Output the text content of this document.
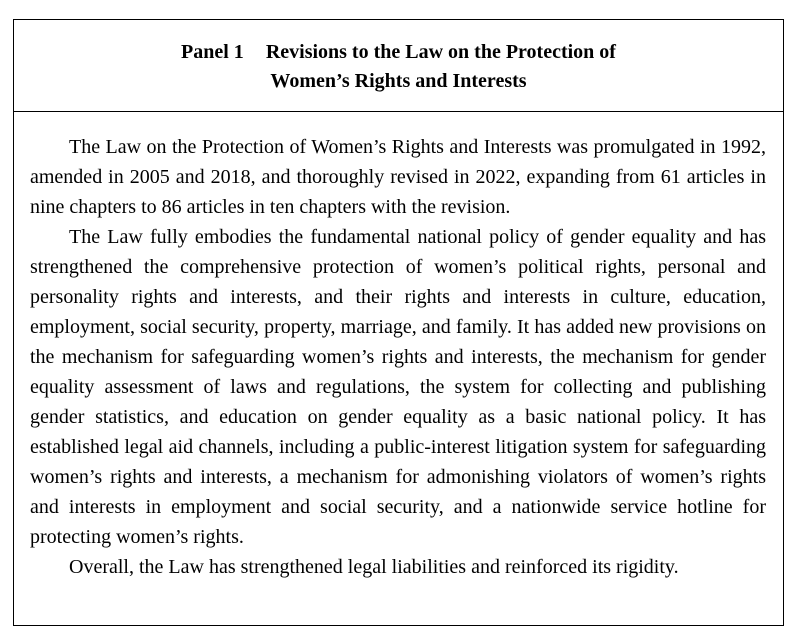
Panel 1 Revisions to the Law on the Protection of
Women’s Rights and Interests

The Law on the Protection of Women’s Rights and Interests was promulgated in 1992, amended in 2005 and 2018, and thoroughly revised in 2022, expanding from 61 articles in nine chapters to 86 articles in ten chapters with the revision.

The Law fully embodies the fundamental national policy of gender equality and has strengthened the comprehensive protection of women’s political rights, personal and personality rights and interests, and their rights and interests in culture, education, employment, social security, property, marriage, and family. It has added new provisions on the mechanism for safeguarding women’s rights and interests, the mechanism for gender equality assessment of laws and regulations, the system for collecting and publishing gender statistics, and education on gender equality as a basic national policy. It has established legal aid channels, including a public-interest litigation system for safeguarding women’s rights and interests, a mechanism for admonishing violators of women’s rights and interests in employment and social security, and a nationwide service hotline for protecting women’s rights.

Overall, the Law has strengthened legal liabilities and reinforced its rigidity.
